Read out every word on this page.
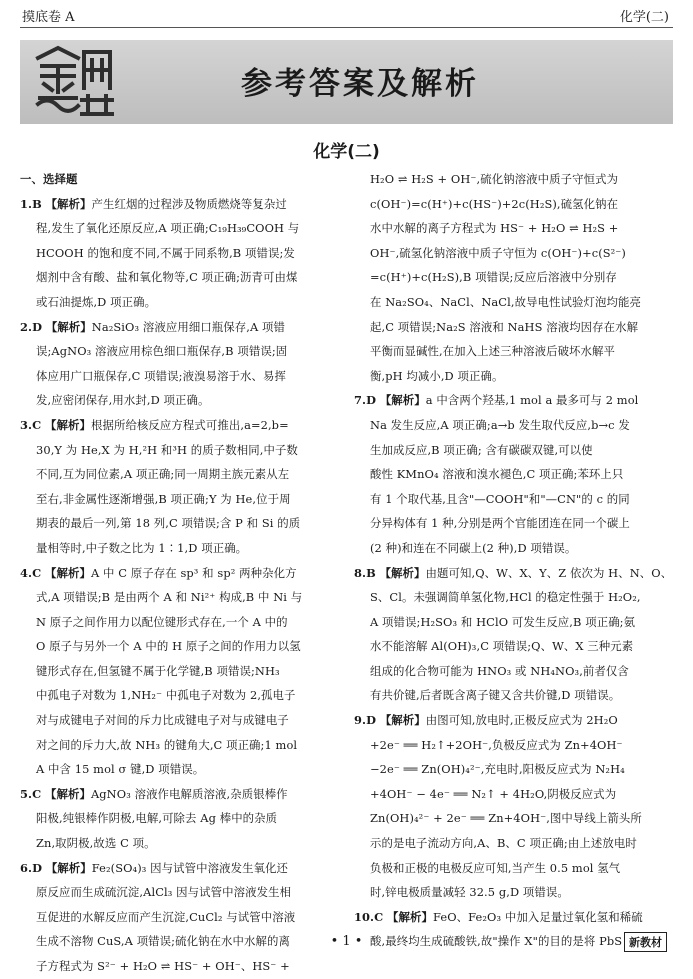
摸底卷 A	化学(二)
参考答案及解析
化学(二)
一、选择题
1.B 【解析】产生红烟的过程涉及物质燃烧等复杂过
程,发生了氧化还原反应,A 项正确;C₁₉H₃₉COOH 与
HCOOH 的饱和度不同,不属于同系物,B 项错误;发
烟剂中含有酸、盐和氧化物等,C 项正确;沥青可由煤
或石油提炼,D 项正确。
2.D 【解析】Na₂SiO₃ 溶液应用细口瓶保存,A 项错
误;AgNO₃ 溶液应用棕色细口瓶保存,B 项错误;固
体应用广口瓶保存,C 项错误;液溴易溶于水、易挥
发,应密闭保存,用水封,D 项正确。
3.C 【解析】根据所给核反应方程式可推出,a=2,b=
30,Y 为 He,X 为 H,²H 和³H 的质子数相同,中子数
不同,互为同位素,A 项正确;同一周期主族元素从左
至右,非金属性逐渐增强,B 项正确;Y 为 He,位于周
期表的最后一列,第 18 列,C 项错误;含 P 和 Si 的质
量相等时,中子数之比为 1∶1,D 项正确。
4.C 【解析】A 中 C 原子存在 sp³ 和 sp² 两种杂化方
式,A 项错误;B 是由两个 A 和 Ni²⁺ 构成,B 中 Ni 与
N 原子之间作用力以配位键形式存在,一个 A 中的
O 原子与另外一个 A 中的 H 原子之间的作用力以氢
键形式存在,但氢键不属于化学键,B 项错误;NH₃
中孤电子对数为 1,NH₂⁻ 中孤电子对数为 2,孤电子
对与成键电子对间的斥力比成键电子对与成键电子
对之间的斥力大,故 NH₃ 的键角大,C 项正确;1 mol
A 中含 15 mol σ 键,D 项错误。
5.C 【解析】AgNO₃ 溶液作电解质溶液,杂质银棒作
阳极,纯银棒作阴极,电解,可除去 Ag 棒中的杂质
Zn,取阴极,故选 C 项。
6.D 【解析】Fe₂(SO₄)₃ 因与试管中溶液发生氧化还
原反应而生成硫沉淀,AlCl₃ 因与试管中溶液发生相
互促进的水解反应而产生沉淀,CuCl₂ 与试管中溶液
生成不溶物 CuS,A 项错误;硫化钠在水中水解的离
子方程式为 S²⁻ + H₂O ⇌ HS⁻ + OH⁻、HS⁻ +
H₂O ⇌ H₂S + OH⁻,硫化钠溶液中质子守恒式为
c(OH⁻)=c(H⁺)+c(HS⁻)+2c(H₂S),硫氢化钠在
水中水解的离子方程式为 HS⁻ + H₂O ⇌ H₂S +
OH⁻,硫氢化钠溶液中质子守恒为 c(OH⁻)+c(S²⁻)
=c(H⁺)+c(H₂S),B 项错误;反应后溶液中分别存
在 Na₂SO₄、NaCl、NaCl,故导电性试验灯泡均能亮
起,C 项错误;Na₂S 溶液和 NaHS 溶液均因存在水解
平衡而显碱性,在加入上述三种溶液后破坏水解平
衡,pH 均减小,D 项正确。
7.D 【解析】a 中含两个羟基,1 mol a 最多可与 2 mol
Na 发生反应,A 项正确;a→b 发生取代反应,b→c 发
生加成反应,B 项正确; 含有碳碳双键,可以使
酸性 KMnO₄ 溶液和溴水褪色,C 项正确;苯环上只
有 1 个取代基,且含"—COOH"和"—CN"的 c 的同
分异构体有 1 种,分别是两个官能团连在同一个碳上
(2 种)和连在不同碳上(2 种),D 项错误。
8.B 【解析】由题可知,Q、W、X、Y、Z 依次为 H、N、O、
S、Cl。未强调简单氢化物,HCl 的稳定性强于 H₂O₂,
A 项错误;H₂SO₃ 和 HClO 可发生反应,B 项正确;氨
水不能溶解 Al(OH)₃,C 项错误;Q、W、X 三种元素
组成的化合物可能为 HNO₃ 或 NH₄NO₃,前者仅含
有共价键,后者既含离子键又含共价键,D 项错误。
9.D 【解析】由图可知,放电时,正极反应式为 2H₂O
+2e⁻ ══ H₂↑+2OH⁻,负极反应式为 Zn+4OH⁻
−2e⁻ ══ Zn(OH)₄²⁻,充电时,阳极反应式为 N₂H₄
+4OH⁻ − 4e⁻ ══ N₂↑ + 4H₂O,阴极反应式为
Zn(OH)₄²⁻ + 2e⁻ ══ Zn+4OH⁻,图中导线上箭头所
示的是电子流动方向,A、B、C 项正确;由上述放电时
负极和正极的电极反应可知,当产生 0.5 mol 氢气
时,锌电极质量减轻 32.5 g,D 项错误。
10.C 【解析】FeO、Fe₂O₃ 中加入足量过氧化氢和稀硫
酸,最终均生成硫酸铁,故"操作 X"的目的是将 PbS
• 1 •	新教材
